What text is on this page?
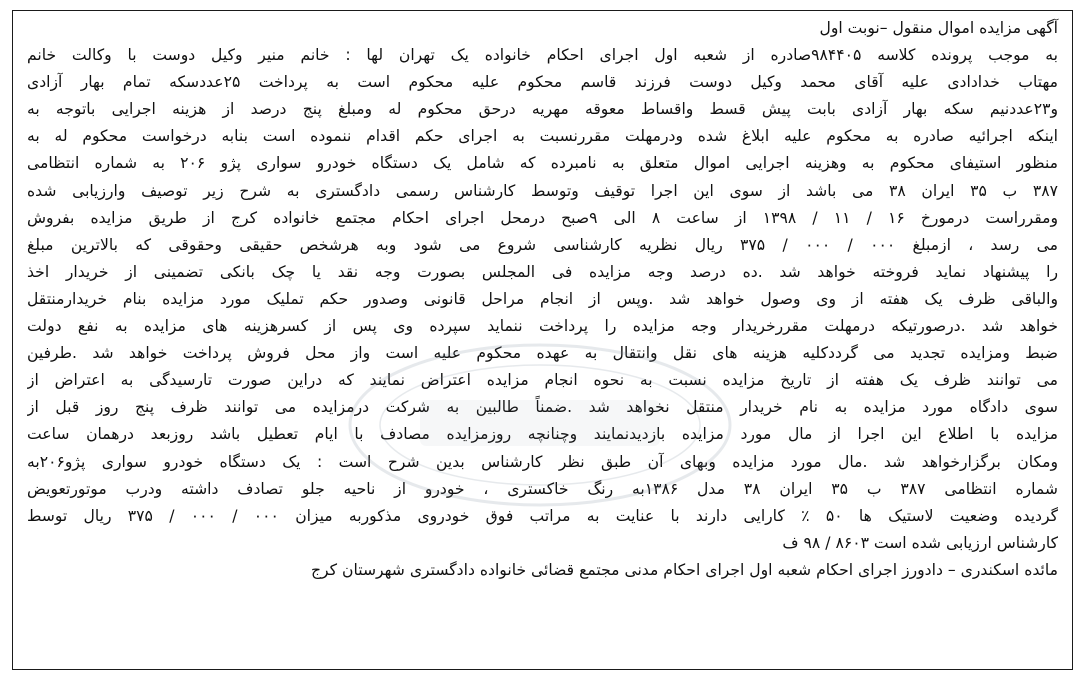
آگهی مزایده اموال منقول –نوبت اول
به موجب پرونده کلاسه ۹۸۴۴۰۵صادره از شعبه اول اجرای احکام خانواده یک تهران لها : خانم منیر وکیل دوست با وکالت خانم
مهتاب خدادادی علیه آقای محمد وکیل دوست فرزند قاسم محکوم علیه محکوم است به پرداخت ۲۵عددسکه تمام بهار آزادی
و۲۳عددنیم سکه بهار آزادی بابت پیش قسط واقساط معوقه مهریه درحق محکوم له ومبلغ پنج درصد از هزینه اجرایی باتوجه به
اینکه اجرائیه صادره به محکوم علیه ابلاغ شده ودرمهلت مقررنسبت به اجرای حکم اقدام ننموده است بنابه درخواست محکوم له به
منظور استیفای محکوم به وهزینه اجرایی اموال متعلق به نامبرده که شامل یک دستگاه خودرو سواری پژو ۲۰۶ به شماره انتظامی
۳۸۷ ب ۳۵ ایران ۳۸ می باشد از سوی این اجرا توقیف وتوسط کارشناس رسمی دادگستری به شرح زیر توصیف وارزیابی شده
ومقرراست درمورخ ۱۶ / ۱۱ / ۱۳۹۸ از ساعت ۸ الی ۹صبح درمحل اجرای احکام مجتمع خانواده کرج از طریق مزایده بفروش
می رسد ، ازمبلغ ۰۰۰ / ۰۰۰ / ۳۷۵ ریال نظریه کارشناسی شروع می شود وبه هرشخص حقیقی وحقوقی که بالاترین مبلغ
را پیشنهاد نماید فروخته خواهد شد .ده درصد وجه مزایده فی المجلس بصورت وجه نقد یا چک بانکی تضمینی از خریدار اخذ
والباقی ظرف یک هفته از وی وصول خواهد شد .وپس از انجام مراحل قانونی وصدور حکم تملیک مورد مزایده بنام خریدارمنتقل
خواهد شد .درصورتیکه درمهلت مقررخریدار وجه مزایده را پرداخت ننماید سپرده وی پس از کسرهزینه های مزایده به نفع دولت
ضبط ومزایده تجدید می گرددکلیه هزینه های نقل وانتقال به عهده محکوم علیه است واز محل فروش پرداخت خواهد شد .طرفین
می توانند ظرف یک هفته از تاریخ مزایده نسبت به نحوه انجام مزایده اعتراض نمایند که دراین صورت تارسیدگی به اعتراض از
سوی دادگاه مورد مزایده به نام خریدار منتقل نخواهد شد .ضمناً طالبین به شرکت درمزایده می توانند ظرف پنج روز قبل از
مزایده با اطلاع این اجرا از مال مورد مزایده بازدیدنمایند وچنانچه روزمزایده مصادف با ایام تعطیل باشد روزبعد درهمان ساعت
ومکان برگزارخواهد شد .مال مورد مزایده وبهای آن طبق نظر کارشناس بدین شرح است : یک دستگاه خودرو سواری پژو۲۰۶به
شماره انتظامی ۳۸۷ ب ۳۵ ایران ۳۸ مدل ۱۳۸۶به رنگ خاکستری ، خودرو از ناحیه جلو تصادف داشته ودرب موتورتعویض
گردیده وضعیت لاستیک ها ۵۰ ٪ کارایی دارند با عنایت به مراتب فوق خودروی مذکوربه میزان ۰۰۰ / ۰۰۰ / ۳۷۵ ریال توسط
کارشناس ارزیابی شده است ۸۶۰۳ / ۹۸ ف
مائده اسکندری – دادورز اجرای احکام شعبه اول اجرای احکام مدنی مجتمع قضائی خانواده دادگستری شهرستان کرج
